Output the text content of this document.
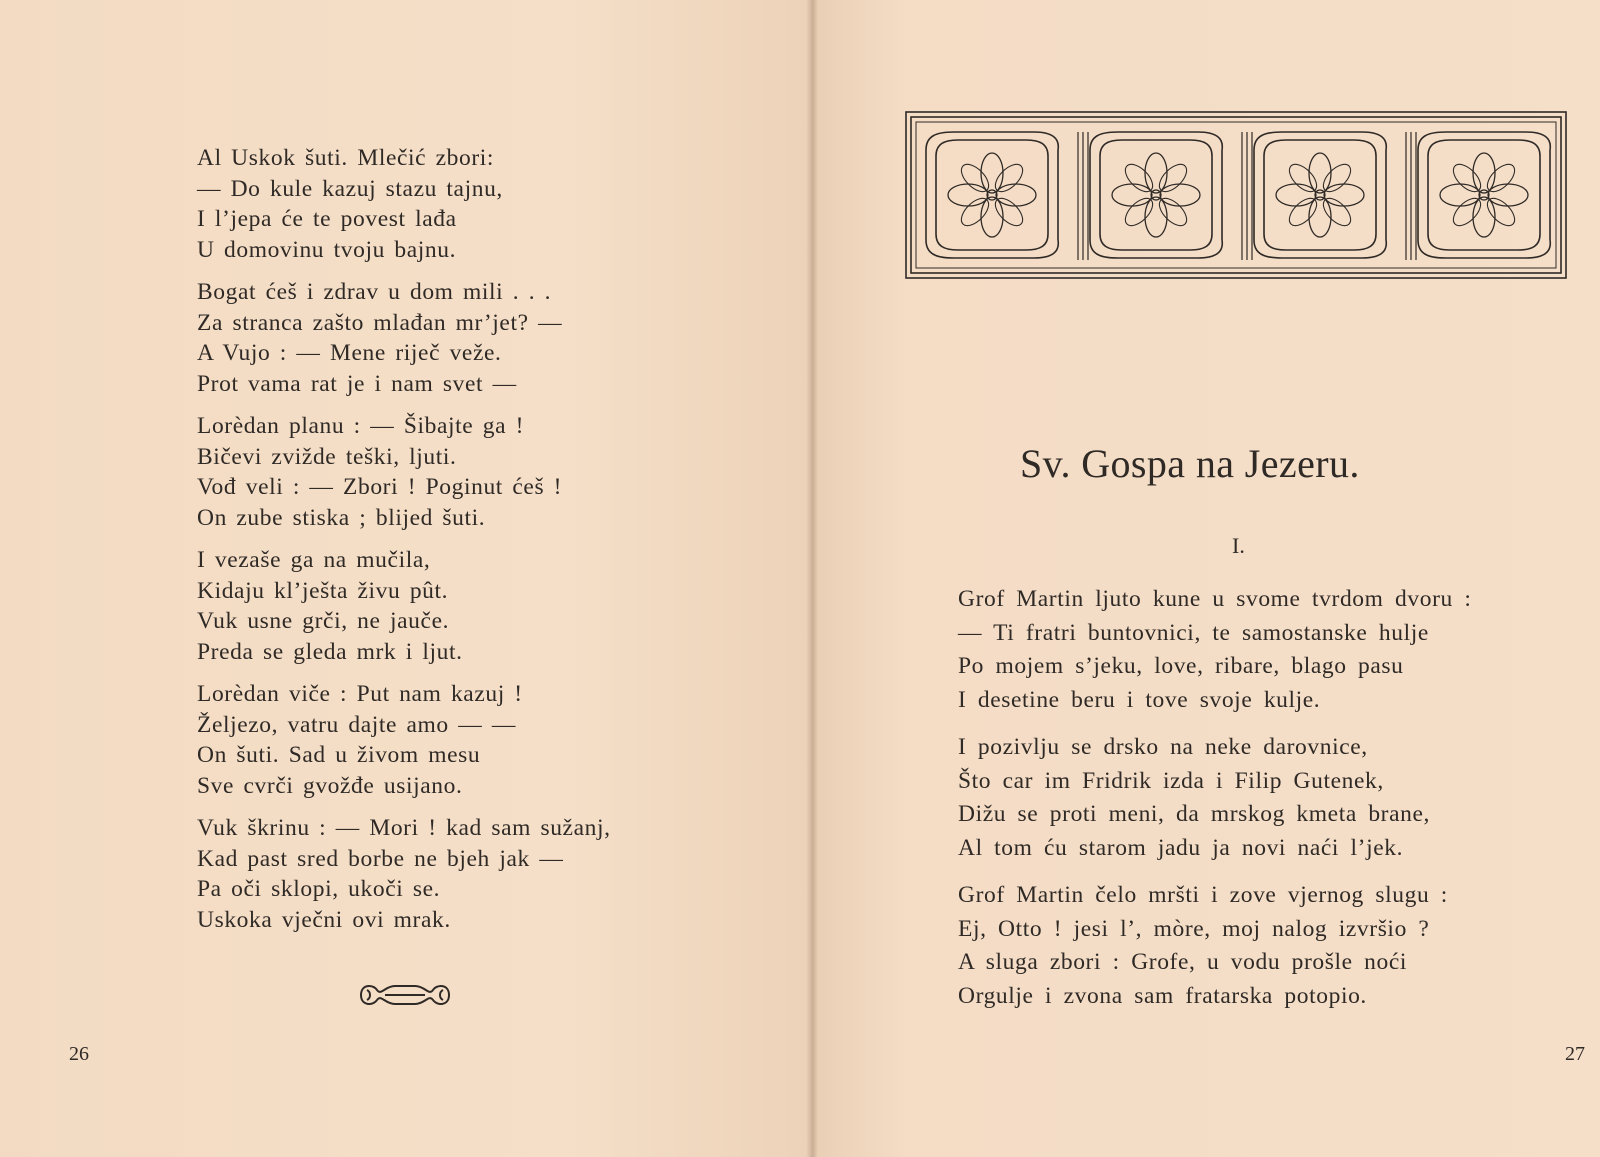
Al Uskok šuti. Mlečić zbori:
— Do kule kazuj stazu tajnu,
I l’jepa će te povest lađa
U domovinu tvoju bajnu.
Bogat ćeš i zdrav u dom mili . . .
Za stranca zašto mlađan mr’jet? —
A Vujo : — Mene riječ veže.
Prot vama rat je i nam svet —
Lorèdan planu : — Šibajte ga !
Bičevi zvižde teški, ljuti.
Vođ veli : — Zbori ! Poginut ćeš !
On zube stiska ; blijed šuti.
I vezaše ga na mučila,
Kidaju kl’ješta živu pût.
Vuk usne grči, ne jauče.
Preda se gleda mrk i ljut.
Lorèdan viče : Put nam kazuj !
Željezo, vatru dajte amo — —
On šuti. Sad u živom mesu
Sve cvrči gvožđe usijano.
Vuk škrinu : — Mori ! kad sam sužanj,
Kad past sred borbe ne bjeh jak —
Pa oči sklopi, ukoči se.
Uskoka vječni ovi mrak.
26
Sv. Gospa na Jezeru.
I.
Grof Martin ljuto kune u svome tvrdom dvoru :
— Ti fratri buntovnici, te samostanske hulje
Po mojem s’jeku, love, ribare, blago pasu
I desetine beru i tove svoje kulje.
I pozivlju se drsko na neke darovnice,
Što car im Fridrik izda i Filip Gutenek,
Dižu se proti meni, da mrskog kmeta brane,
Al tom ću starom jadu ja novi naći l’jek.
Grof Martin čelo mršti i zove vjernog slugu :
Ej, Otto ! jesi l’, mòre, moj nalog izvršio ?
A sluga zbori : Grofe, u vodu prošle noći
Orgulje i zvona sam fratarska potopio.
27
